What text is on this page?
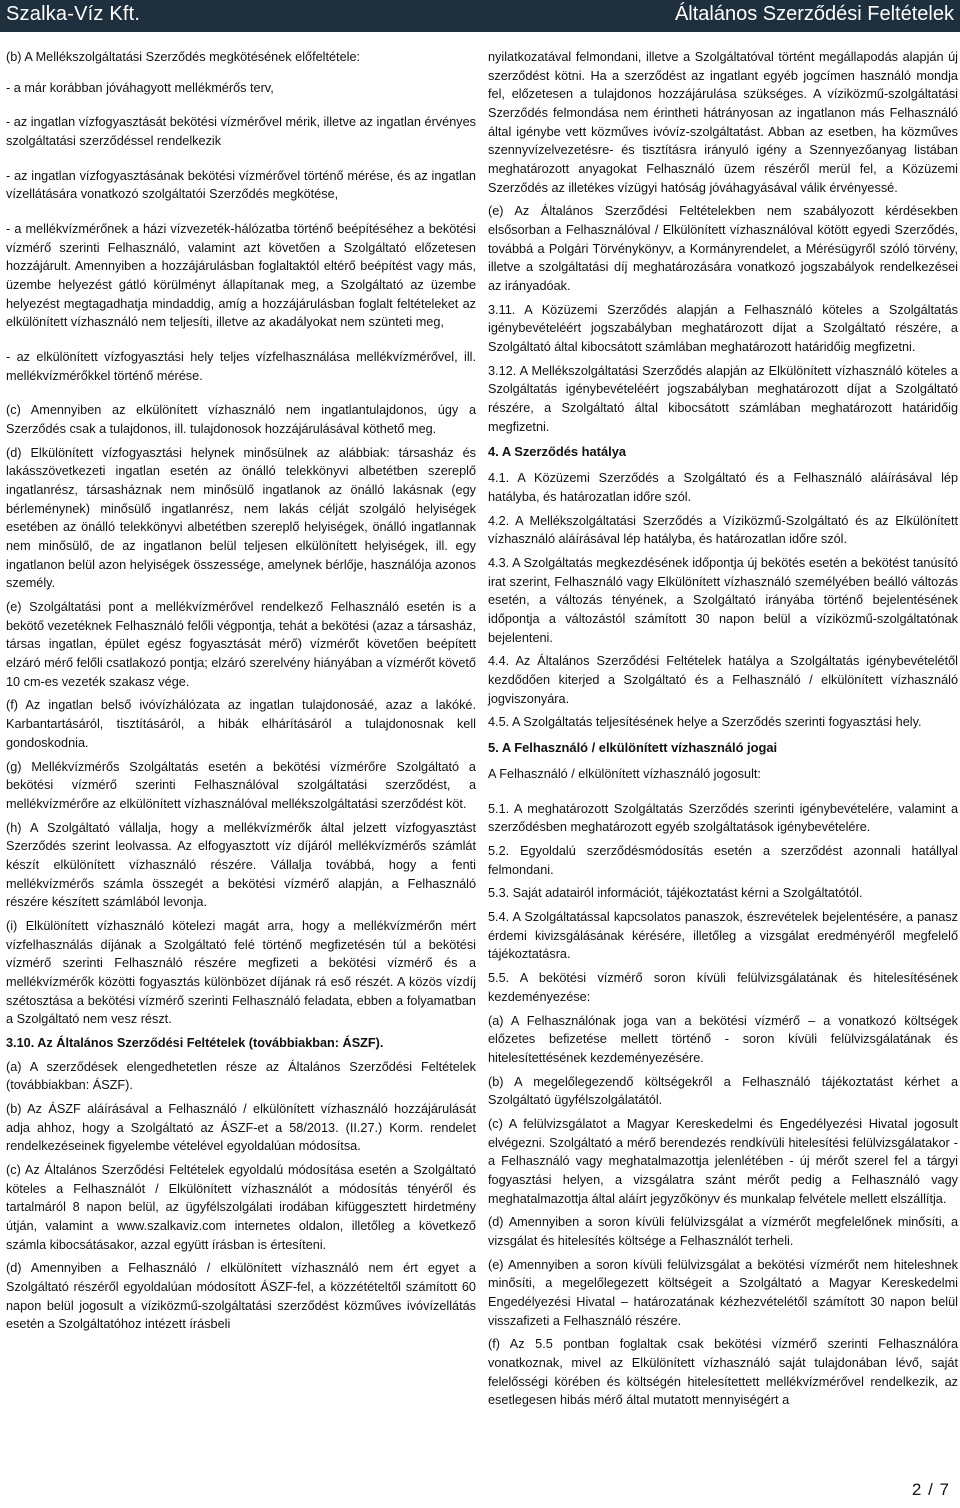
Szalka-Víz Kft.	Általános Szerződési Feltételek

(b) A Mellékszolgáltatási Szerződés megkötésének előfeltétele:

- a már korábban jóváhagyott mellékmérős terv,

- az ingatlan vízfogyasztását bekötési vízmérővel mérik, illetve az ingatlan érvényes szolgáltatási szerződéssel rendelkezik

- az ingatlan vízfogyasztásának bekötési vízmérővel történő mérése, és az ingatlan vízellátására vonatkozó szolgáltatói Szerződés megkötése,

- a mellékvízmérőnek a házi vízvezeték-hálózatba történő beépítéséhez a bekötési vízmérő szerinti Felhasználó, valamint azt követően a Szolgáltató előzetesen hozzájárult. Amennyiben a hozzájárulásban foglaltaktól eltérő beépítést vagy más, üzembe helyezést gátló körülményt állapítanak meg, a Szolgáltató az üzembe helyezést megtagadhatja mindaddig, amíg a hozzájárulásban foglalt feltételeket az elkülönített vízhasználó nem teljesíti, illetve az akadályokat nem szünteti meg,

- az elkülönített vízfogyasztási hely teljes vízfelhasználása mellékvízmérővel, ill. mellékvízmérőkkel történő mérése.

(c) Amennyiben az elkülönített vízhasználó nem ingatlantulajdonos, úgy a Szerződés csak a tulajdonos, ill. tulajdonosok hozzájárulásával köthető meg.

(d) Elkülönített vízfogyasztási helynek minősülnek az alábbiak: társasház és lakásszövetkezeti ingatlan esetén az önálló telekkönyvi albetétben szereplő ingatlanrész, társasháznak nem minősülő ingatlanok az önálló lakásnak (egy bérleménynek) minősülő ingatlanrész, nem lakás célját szolgáló helyiségek esetében az önálló telekkönyvi albetétben szereplő helyiségek, önálló ingatlannak nem minősülő, de az ingatlanon belül teljesen elkülönített helyiségek, ill. egy ingatlanon belül azon helyiségek összessége, amelynek bérlője, használója azonos személy.

(e) Szolgáltatási pont a mellékvízmérővel rendelkező Felhasználó esetén is a bekötő vezetéknek Felhasználó felőli végpontja, tehát a bekötési (azaz a társasház, társas ingatlan, épület egész fogyasztását mérő) vízmérőt követően beépített elzáró mérő felőli csatlakozó pontja; elzáró szerelvény hiányában a vízmérőt követő 10 cm-es vezeték szakasz vége.

(f) Az ingatlan belső ivóvízhálózata az ingatlan tulajdonosáé, azaz a lakóké. Karbantartásáról, tisztításáról, a hibák elhárításáról a tulajdonosnak kell gondoskodnia.

(g) Mellékvízmérős Szolgáltatás esetén a bekötési vízmérőre Szolgáltató a bekötési vízmérő szerinti Felhasználóval szolgáltatási szerződést, a mellékvízmérőre az elkülönített vízhasználóval mellékszolgáltatási szerződést köt.

(h) A Szolgáltató vállalja, hogy a mellékvízmérők által jelzett vízfogyasztást Szerződés szerint leolvassa. Az elfogyasztott víz díjáról mellékvízmérős számlát készít elkülönített vízhasználó részére. Vállalja továbbá, hogy a fenti mellékvízmérős számla összegét a bekötési vízmérő alapján, a Felhasználó részére készített számlából levonja.

(i) Elkülönített vízhasználó kötelezi magát arra, hogy a mellékvízmérőn mért vízfelhasználás díjának a Szolgáltató felé történő megfizetésén túl a bekötési vízmérő szerinti Felhasználó részére megfizeti a bekötési vízmérő és a mellékvízmérők közötti fogyasztás különbözet díjának rá eső részét. A közös vízdíj szétosztása a bekötési vízmérő szerinti Felhasználó feladata, ebben a folyamatban a Szolgáltató nem vesz részt.

3.10. Az Általános Szerződési Feltételek (továbbiakban: ÁSZF).

(a) A szerződések elengedhetetlen része az Általános Szerződési Feltételek (továbbiakban: ÁSZF).

(b) Az ÁSZF aláírásával a Felhasználó / elkülönített vízhasználó hozzájárulását adja ahhoz, hogy a Szolgáltató az ÁSZF-et a 58/2013. (II.27.) Korm. rendelet rendelkezéseinek figyelembe vételével egyoldalúan módosítsa.

(c) Az Általános Szerződési Feltételek egyoldalú módosítása esetén a Szolgáltató köteles a Felhasználót / Elkülönített vízhasználót a módosítás tényéről és tartalmáról 8 napon belül, az ügyfélszolgálati irodában kifüggesztett hirdetmény útján, valamint a www.szalkaviz.com internetes oldalon, illetőleg a következő számla kibocsátásakor, azzal együtt írásban is értesíteni.

(d) Amennyiben a Felhasználó / elkülönített vízhasználó nem ért egyet a Szolgáltató részéről egyoldalúan módosított ÁSZF-fel, a közzétételtől számított 60 napon belül jogosult a víziközmű-szolgáltatási szerződést közműves ivóvízellátás esetén a Szolgáltatóhoz intézett írásbeli

nyilatkozatával felmondani, illetve a Szolgáltatóval történt megállapodás alapján új szerződést kötni. Ha a szerződést az ingatlant egyéb jogcímen használó mondja fel, előzetesen a tulajdonos hozzájárulása szükséges. A víziközmű-szolgáltatási Szerződés felmondása nem érintheti hátrányosan az ingatlanon más Felhasználó által igénybe vett közműves ivóvíz-szolgáltatást. Abban az esetben, ha közműves szennyvízelvezetésre- és tisztításra irányuló igény a Szennyezőanyag listában meghatározott anyagokat Felhasználó üzem részéről merül fel, a Közüzemi Szerződés az illetékes vízügyi hatóság jóváhagyásával válik érvényessé.

(e) Az Általános Szerződési Feltételekben nem szabályozott kérdésekben elsősorban a Felhasználóval / Elkülönített vízhasználóval kötött egyedi Szerződés, továbbá a Polgári Törvénykönyv, a Kormányrendelet, a Mérésügyről szóló törvény, illetve a szolgáltatási díj meghatározására vonatkozó jogszabályok rendelkezései az irányadóak.

3.11. A Közüzemi Szerződés alapján a Felhasználó köteles a Szolgáltatás igénybevételéért jogszabályban meghatározott díjat a Szolgáltató részére, a Szolgáltató által kibocsátott számlában meghatározott határidőig megfizetni.

3.12. A Mellékszolgáltatási Szerződés alapján az Elkülönített vízhasználó köteles a Szolgáltatás igénybevételéért jogszabályban meghatározott díjat a Szolgáltató részére, a Szolgáltató által kibocsátott számlában meghatározott határidőig megfizetni.

4. A Szerződés hatálya

4.1. A Közüzemi Szerződés a Szolgáltató és a Felhasználó aláírásával lép hatályba, és határozatlan időre szól.

4.2. A Mellékszolgáltatási Szerződés a Víziközmű-Szolgáltató és az Elkülönített vízhasználó aláírásával lép hatályba, és határozatlan időre szól.

4.3. A Szolgáltatás megkezdésének időpontja új bekötés esetén a bekötést tanúsító irat szerint, Felhasználó vagy Elkülönített vízhasználó személyében beálló változás esetén, a változás tényének, a Szolgáltató irányába történő bejelentésének időpontja a változástól számított 30 napon belül a víziközmű-szolgáltatónak bejelenteni.

4.4. Az Általános Szerződési Feltételek hatálya a Szolgáltatás igénybevételétől kezdődően kiterjed a Szolgáltató és a Felhasználó / elkülönített vízhasználó jogviszonyára.

4.5. A Szolgáltatás teljesítésének helye a Szerződés szerinti fogyasztási hely.

5. A Felhasználó / elkülönített vízhasználó jogai

A Felhasználó / elkülönített vízhasználó jogosult:

5.1. A meghatározott Szolgáltatás Szerződés szerinti igénybevételére, valamint a szerződésben meghatározott egyéb szolgáltatások igénybevételére.

5.2. Egyoldalú szerződésmódosítás esetén a szerződést azonnali hatállyal felmondani.

5.3. Saját adatairól információt, tájékoztatást kérni a Szolgáltatótól.

5.4. A Szolgáltatással kapcsolatos panaszok, észrevételek bejelentésére, a panasz érdemi kivizsgálásának kérésére, illetőleg a vizsgálat eredményéről megfelelő tájékoztatásra.

5.5. A bekötési vízmérő soron kívüli felülvizsgálatának és hitelesítésének kezdeményezése:

(a) A Felhasználónak joga van a bekötési vízmérő – a vonatkozó költségek előzetes befizetése mellett történő - soron kívüli felülvizsgálatának és hitelesítettésének kezdeményezésére.

(b) A megelőlegezendő költségekről a Felhasználó tájékoztatást kérhet a Szolgáltató ügyfélszolgálatától.

(c) A felülvizsgálatot a Magyar Kereskedelmi és Engedélyezési Hivatal jogosult elvégezni. Szolgáltató a mérő berendezés rendkívüli hitelesítési felülvizsgálatakor - a Felhasználó vagy meghatalmazottja jelenlétében - új mérőt szerel fel a tárgyi fogyasztási helyen, a vizsgálatra szánt mérőt pedig a Felhasználó vagy meghatalmazottja által aláírt jegyzőkönyv és munkalap felvétele mellett elszállítja.

(d) Amennyiben a soron kívüli felülvizsgálat a vízmérőt megfelelőnek minősíti, a vizsgálat és hitelesítés költsége a Felhasználót terheli.

(e) Amennyiben a soron kívüli felülvizsgálat a bekötési vízmérőt nem hiteleshnek minősíti, a megelőlegezett költségeit a Szolgáltató a Magyar Kereskedelmi Engedélyezési Hivatal – határozatának kézhezvételétől számított 30 napon belül visszafizeti a Felhasználó részére.

(f) Az 5.5 pontban foglaltak csak bekötési vízmérő szerinti Felhasználóra vonatkoznak, mivel az Elkülönített vízhasználó saját tulajdonában lévő, saját felelősségi körében és költségén hitelesítettett mellékvízmérővel rendelkezik, az esetlegesen hibás mérő által mutatott mennyiségért a

2 / 7
